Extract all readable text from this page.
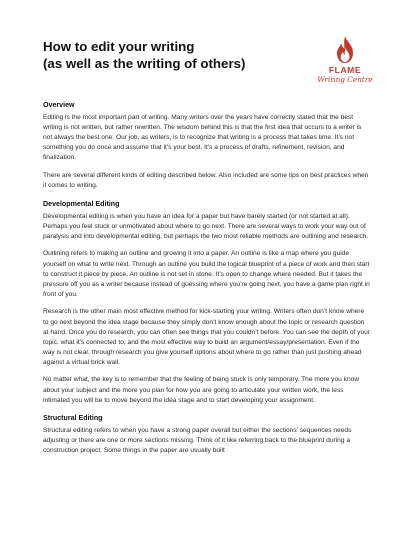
How to edit your writing
(as well as the writing of others)	FLAME
Writing Centre
Overview
Editing is the most important part of writing. Many writers over the years have correctly stated that the best writing is not written, but rather rewritten. The wisdom behind this is that the first idea that occurs to a writer is not always the best one. Our job, as writers, is to recognize that writing is a process that takes time. It’s not something you do once and assume that it’s your best. It’s a process of drafts, refinement, revision, and finalization.
There are several different kinds of editing described below. Also included are some tips on best practices when it comes to writing.
Developmental Editing
Developmental editing is when you have an idea for a paper but have barely started (or not started at all). Perhaps you feel stuck or unmotivated about where to go next. There are several ways to work your way out of paralysis and into developmental editing, but perhaps the two most reliable methods are outlining and research.
Outlining refers to making an outline and growing it into a paper. An outline is like a map where you guide yourself on what to write next. Through an outline you build the logical blueprint of a piece of work and then start to construct it piece by piece. An outline is not set in stone. It’s open to change where needed. But it takes the pressure off you as a writer because instead of guessing where you’re going next, you have a game plan right in front of you.
Research is the other main most effective method for kick-starting your writing. Writers often don’t know where to go next beyond the idea stage because they simply don’t know enough about the topic or research question at hand. Once you do research, you can often see things that you couldn’t before. You can see the depth of your topic, what it’s connected to, and the most effective way to build an argument/essay/presentation. Even if the way is not clear, through research you give yourself options about where to go rather than just pushing ahead against a virtual brick wall.
No matter what, the key is to remember that the feeling of being stuck is only temporary. The more you know about your subject and the more you plan for how you are going to articulate your written work, the less intimated you will be to move beyond the idea stage and to start developing your assignment.
Structural Editing
Structural editing refers to when you have a strong paper overall but either the sections’ sequences needs adjusting or there are one or more sections missing. Think of it like referring back to the blueprint during a construction project. Some things in the paper are usually built
